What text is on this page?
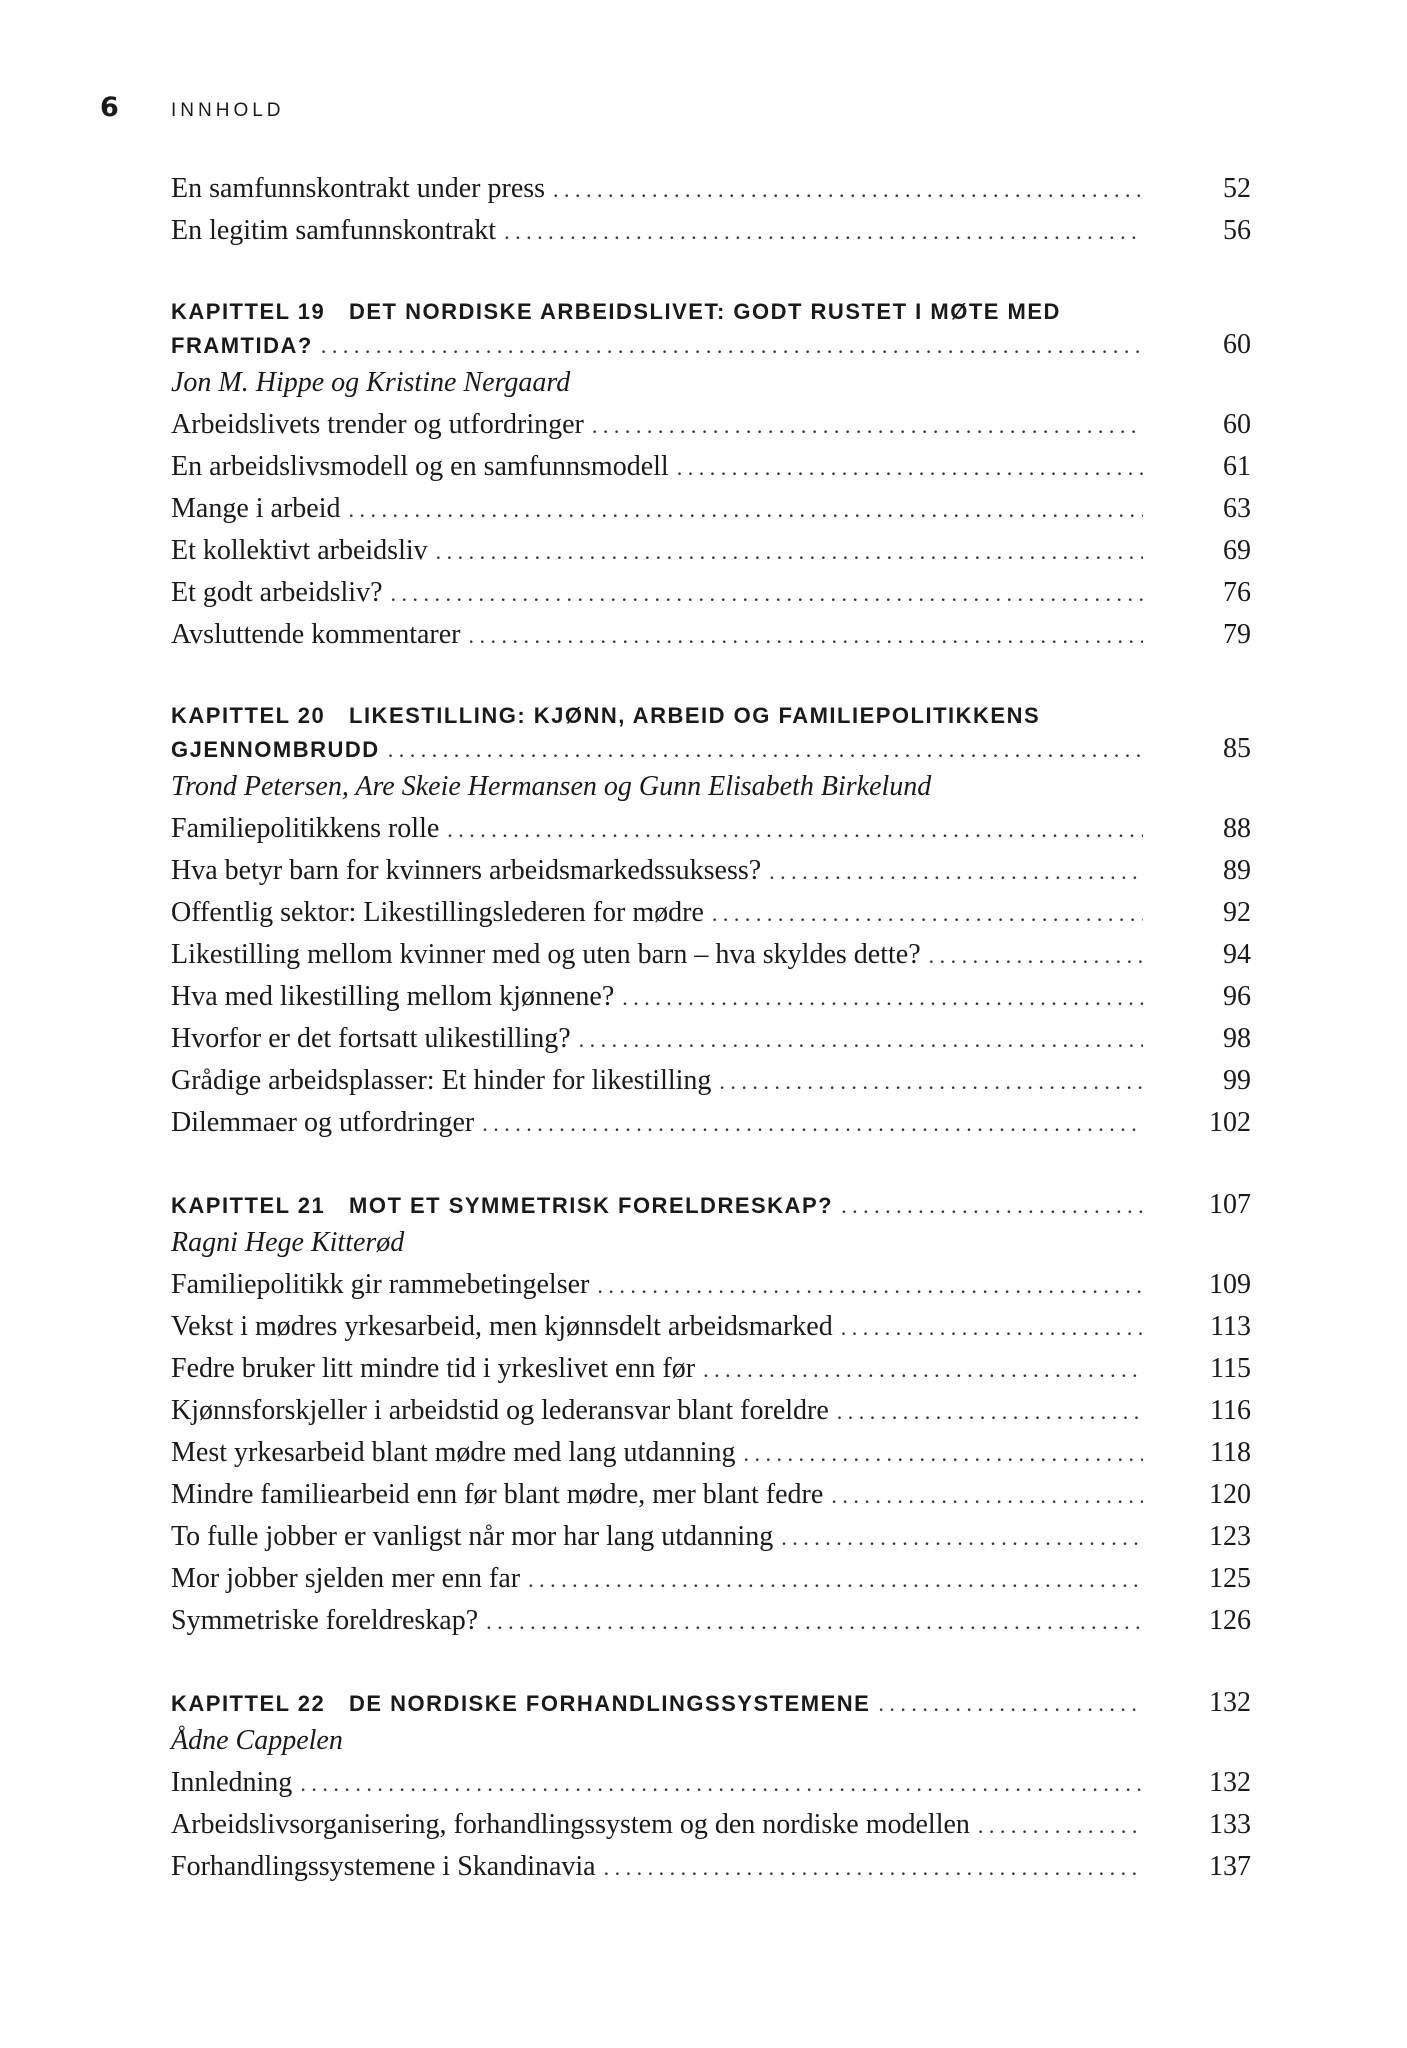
6	INNHOLD
En samfunnskontrakt under press . . .	52
En legitim samfunnskontrakt . . .	56
KAPITTEL 19 DET NORDISKE ARBEIDSLIVET: GODT RUSTET I MØTE MED
FRAMTIDA? . . .	60
Jon M. Hippe og Kristine Nergaard
Arbeidslivets trender og utfordringer . . .	60
En arbeidslivsmodell og en samfunnsmodell . . .	61
Mange i arbeid . . .	63
Et kollektivt arbeidsliv . . .	69
Et godt arbeidsliv? . . .	76
Avsluttende kommentarer . . .	79
KAPITTEL 20 LIKESTILLING: KJØNN, ARBEID OG FAMILIEPOLITIKKENS
GJENNOMBRUDD . . .	85
Trond Petersen, Are Skeie Hermansen og Gunn Elisabeth Birkelund
Familiepolitikkens rolle . . .	88
Hva betyr barn for kvinners arbeidsmarkedssuksess? . . .	89
Offentlig sektor: Likestillingslederen for mødre . . .	92
Likestilling mellom kvinner med og uten barn – hva skyldes dette? . . .	94
Hva med likestilling mellom kjønnene? . . .	96
Hvorfor er det fortsatt ulikestilling? . . .	98
Grådige arbeidsplasser: Et hinder for likestilling . . .	99
Dilemmaer og utfordringer . . .	102
KAPITTEL 21 MOT ET SYMMETRISK FORELDRESKAP? . . .	107
Ragni Hege Kitterød
Familiepolitikk gir rammebetingelser . . .	109
Vekst i mødres yrkesarbeid, men kjønnsdelt arbeidsmarked . . .	113
Fedre bruker litt mindre tid i yrkeslivet enn før . . .	115
Kjønnsforskjeller i arbeidstid og lederansvar blant foreldre . . .	116
Mest yrkesarbeid blant mødre med lang utdanning . . .	118
Mindre familiearbeid enn før blant mødre, mer blant fedre . . .	120
To fulle jobber er vanligst når mor har lang utdanning . . .	123
Mor jobber sjelden mer enn far . . .	125
Symmetriske foreldreskap? . . .	126
KAPITTEL 22 DE NORDISKE FORHANDLINGSSYSTEMENE . . .	132
Ådne Cappelen
Innledning . . .	132
Arbeidslivsorganisering, forhandlingssystem og den nordiske modellen . . .	133
Forhandlingssystemene i Skandinavia . . .	137
